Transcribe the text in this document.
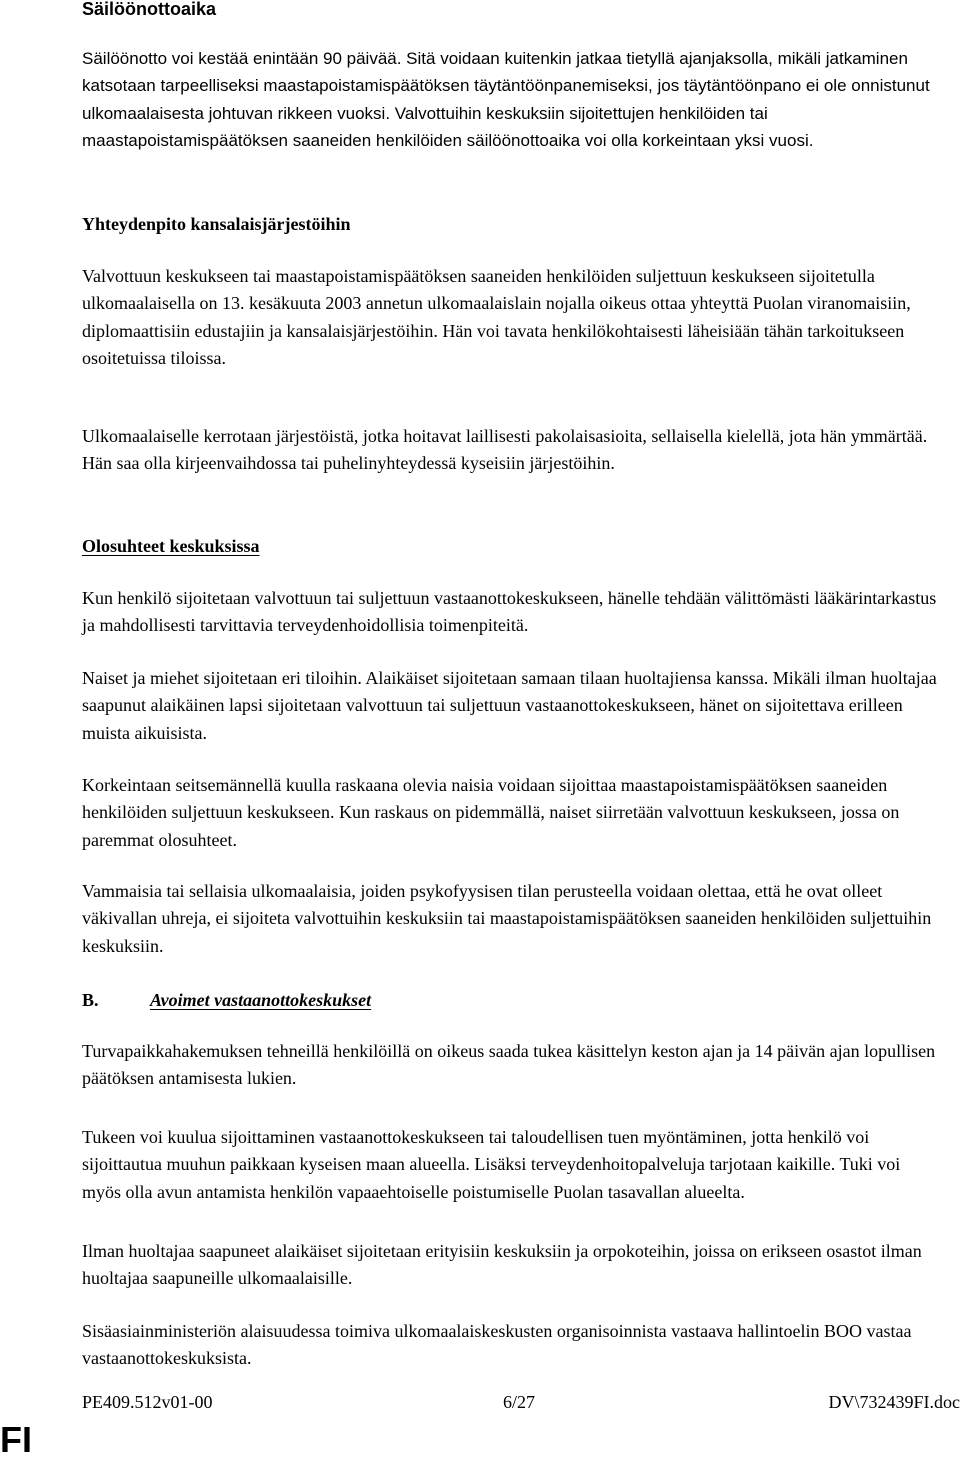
Säilöönottoaika

Säilöönotto voi kestää enintään 90 päivää. Sitä voidaan kuitenkin jatkaa tietyllä ajanjaksolla, mikäli jatkaminen katsotaan tarpeelliseksi maastapoistamispäätöksen täytäntöönpanemiseksi, jos täytäntöönpano ei ole onnistunut ulkomaalaisesta johtuvan rikkeen vuoksi. Valvottuihin keskuksiin sijoitettujen henkilöiden tai maastapoistamispäätöksen saaneiden henkilöiden säilöönottoaika voi olla korkeintaan yksi vuosi.

Yhteydenpito kansalaisjärjestöihin

Valvottuun keskukseen tai maastapoistamispäätöksen saaneiden henkilöiden suljettuun keskukseen sijoitetulla ulkomaalaisella on 13. kesäkuuta 2003 annetun ulkomaalaislain nojalla oikeus ottaa yhteyttä Puolan viranomaisiin, diplomaattisiin edustajiin ja kansalaisjärjestöihin. Hän voi tavata henkilökohtaisesti läheisiään tähän tarkoitukseen osoitetuissa tiloissa.

Ulkomaalaiselle kerrotaan järjestöistä, jotka hoitavat laillisesti pakolaisasioita, sellaisella kielellä, jota hän ymmärtää. Hän saa olla kirjeenvaihdossa tai puhelinyhteydessä kyseisiin järjestöihin.

Olosuhteet keskuksissa

Kun henkilö sijoitetaan valvottuun tai suljettuun vastaanottokeskukseen, hänelle tehdään välittömästi lääkärintarkastus ja mahdollisesti tarvittavia terveydenhoidollisia toimenpiteitä.

Naiset ja miehet sijoitetaan eri tiloihin. Alaikäiset sijoitetaan samaan tilaan huoltajiensa kanssa. Mikäli ilman huoltajaa saapunut alaikäinen lapsi sijoitetaan valvottuun tai suljettuun vastaanottokeskukseen, hänet on sijoitettava erilleen muista aikuisista.

Korkeintaan seitsemännellä kuulla raskaana olevia naisia voidaan sijoittaa maastapoistamispäätöksen saaneiden henkilöiden suljettuun keskukseen. Kun raskaus on pidemmällä, naiset siirretään valvottuun keskukseen, jossa on paremmat olosuhteet.

Vammaisia tai sellaisia ulkomaalaisia, joiden psykofyysisen tilan perusteella voidaan olettaa, että he ovat olleet väkivallan uhreja, ei sijoiteta valvottuihin keskuksiin tai maastapoistamispäätöksen saaneiden henkilöiden suljettuihin keskuksiin.

B.	Avoimet vastaanottokeskukset

Turvapaikkahakemuksen tehneillä henkilöillä on oikeus saada tukea käsittelyn keston ajan ja 14 päivän ajan lopullisen päätöksen antamisesta lukien.

Tukeen voi kuulua sijoittaminen vastaanottokeskukseen tai taloudellisen tuen myöntäminen, jotta henkilö voi sijoittautua muuhun paikkaan kyseisen maan alueella. Lisäksi terveydenhoitopalveluja tarjotaan kaikille. Tuki voi myös olla avun antamista henkilön vapaaehtoiselle poistumiselle Puolan tasavallan alueelta.

Ilman huoltajaa saapuneet alaikäiset sijoitetaan erityisiin keskuksiin ja orpokoteihin, joissa on erikseen osastot ilman huoltajaa saapuneille ulkomaalaisille.

Sisäasiainministeriön alaisuudessa toimiva ulkomaalaiskeskusten organisoinnista vastaava hallintoelin BOO vastaa vastaanottokeskuksista.

PE409.512v01-00	6/27	DV\732439FI.doc
FI
